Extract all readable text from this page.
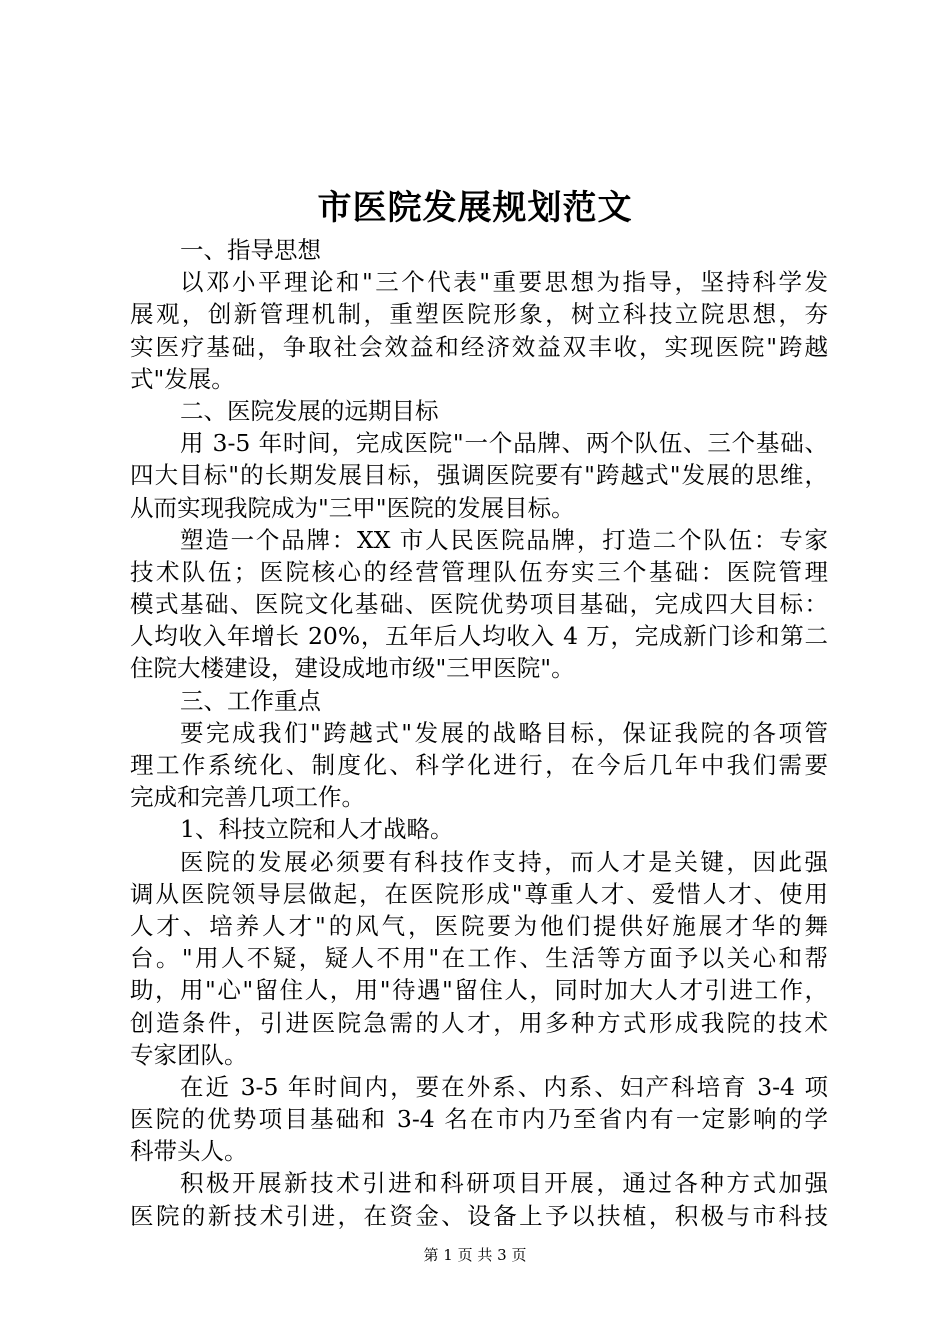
市医院发展规划范文
一、指导思想
以邓小平理论和"三个代表"重要思想为指导，坚持科学发
展观，创新管理机制，重塑医院形象，树立科技立院思想，夯
实医疗基础，争取社会效益和经济效益双丰收，实现医院"跨越
式"发展。
二、医院发展的远期目标
用 3-5 年时间，完成医院"一个品牌、两个队伍、三个基础、
四大目标"的长期发展目标，强调医院要有"跨越式"发展的思维，
从而实现我院成为"三甲"医院的发展目标。
塑造一个品牌：XX 市人民医院品牌，打造二个队伍：专家
技术队伍；医院核心的经营管理队伍夯实三个基础：医院管理
模式基础、医院文化基础、医院优势项目基础，完成四大目标：
人均收入年增长 20%，五年后人均收入 4 万，完成新门诊和第二
住院大楼建设，建设成地市级"三甲医院"。
三、工作重点
要完成我们"跨越式"发展的战略目标，保证我院的各项管
理工作系统化、制度化、科学化进行，在今后几年中我们需要
完成和完善几项工作。
1、科技立院和人才战略。
医院的发展必须要有科技作支持，而人才是关键，因此强
调从医院领导层做起，在医院形成"尊重人才、爱惜人才、使用
人才、培养人才"的风气，医院要为他们提供好施展才华的舞
台。"用人不疑，疑人不用"在工作、生活等方面予以关心和帮
助，用"心"留住人，用"待遇"留住人，同时加大人才引进工作，
创造条件，引进医院急需的人才，用多种方式形成我院的技术
专家团队。
在近 3-5 年时间内，要在外系、内系、妇产科培育 3-4 项
医院的优势项目基础和 3-4 名在市内乃至省内有一定影响的学
科带头人。
积极开展新技术引进和科研项目开展，通过各种方式加强
医院的新技术引进，在资金、设备上予以扶植，积极与市科技
第 1 页 共 3 页
